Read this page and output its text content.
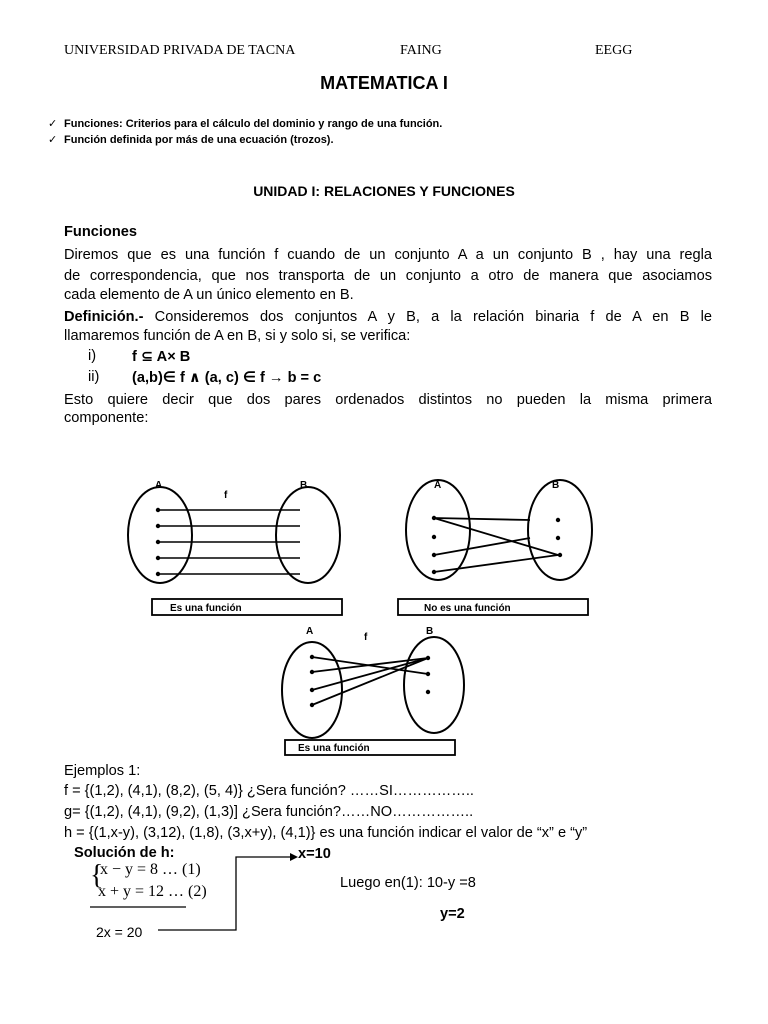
UNIVERSIDAD PRIVADA DE TACNA	FAING	EEGG
MATEMATICA I
✓ Funciones: Criterios para el cálculo del dominio y rango de una función.
✓ Función definida por más de una ecuación (trozos).
UNIDAD I: RELACIONES Y FUNCIONES
Funciones
Diremos que es una función f cuando de un conjunto A a un conjunto B , hay una regla
de correspondencia, que nos transporta de un conjunto a otro de manera que asociamos
cada elemento de A un único elemento en B.
Definición.- Consideremos dos conjuntos A y B, a la relación binaria f de A en B le
llamaremos función de A en B, si y solo si, se verifica:
i) f ⊆ A× B
ii) (a,b)∈ f ∧ (a, c) ∈ f → b = c
Esto quiere decir que dos pares ordenados distintos no pueden la misma primera
componente:
A	B
f
Es una función
A	B
No es una función
A	B
f
Es una función
Ejemplos 1:
f = {(1,2), (4,1), (8,2), (5, 4)} ¿Sera función? ……SI……………..
g= {(1,2), (4,1), (9,2), (1,3)] ¿Sera función?……NO……………..
h = {(1,x-y), (3,12), (1,8), (3,x+y), (4,1)} es una función indicar el valor de “x” e “y”
Solución de h:
{
x − y = 8 … (1)
x + y = 12 … (2)
2x = 20
x=10
Luego en(1): 10-y =8
y=2
